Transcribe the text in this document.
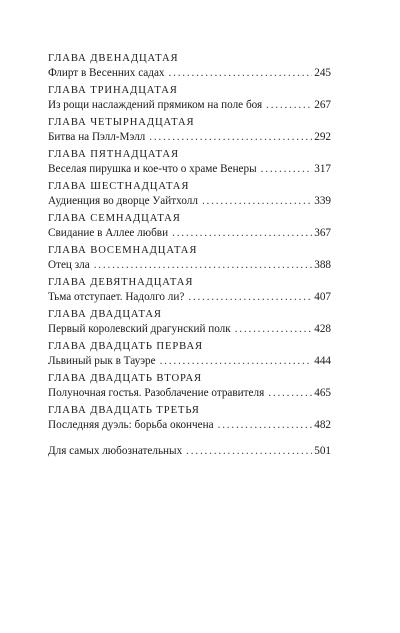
ГЛАВА ДВЕНАДЦАТАЯ
Флирт в Весенних садах . . .	245
ГЛАВА ТРИНАДЦАТАЯ
Из рощи наслаждений прямиком на поле боя . . .	267
ГЛАВА ЧЕТЫРНАДЦАТАЯ
Битва на Пэлл-Мэлл . . .	292
ГЛАВА ПЯТНАДЦАТАЯ
Веселая пирушка и кое-что о храме Венеры . . .	317
ГЛАВА ШЕСТНАДЦАТАЯ
Аудиенция во дворце Уайтхолл . . .	339
ГЛАВА СЕМНАДЦАТАЯ
Свидание в Аллее любви . . .	367
ГЛАВА ВОСЕМНАДЦАТАЯ
Отец зла . . .	388
ГЛАВА ДЕВЯТНАДЦАТАЯ
Тьма отступает. Надолго ли? . . .	407
ГЛАВА ДВАДЦАТАЯ
Первый королевский драгунский полк . . .	428
ГЛАВА ДВАДЦАТЬ ПЕРВАЯ
Львиный рык в Тауэре . . .	444
ГЛАВА ДВАДЦАТЬ ВТОРАЯ
Полуночная гостья. Разоблачение отравителя . . .	465
ГЛАВА ДВАДЦАТЬ ТРЕТЬЯ
Последняя дуэль: борьба окончена . . .	482
Для самых любознательных . . .	501
